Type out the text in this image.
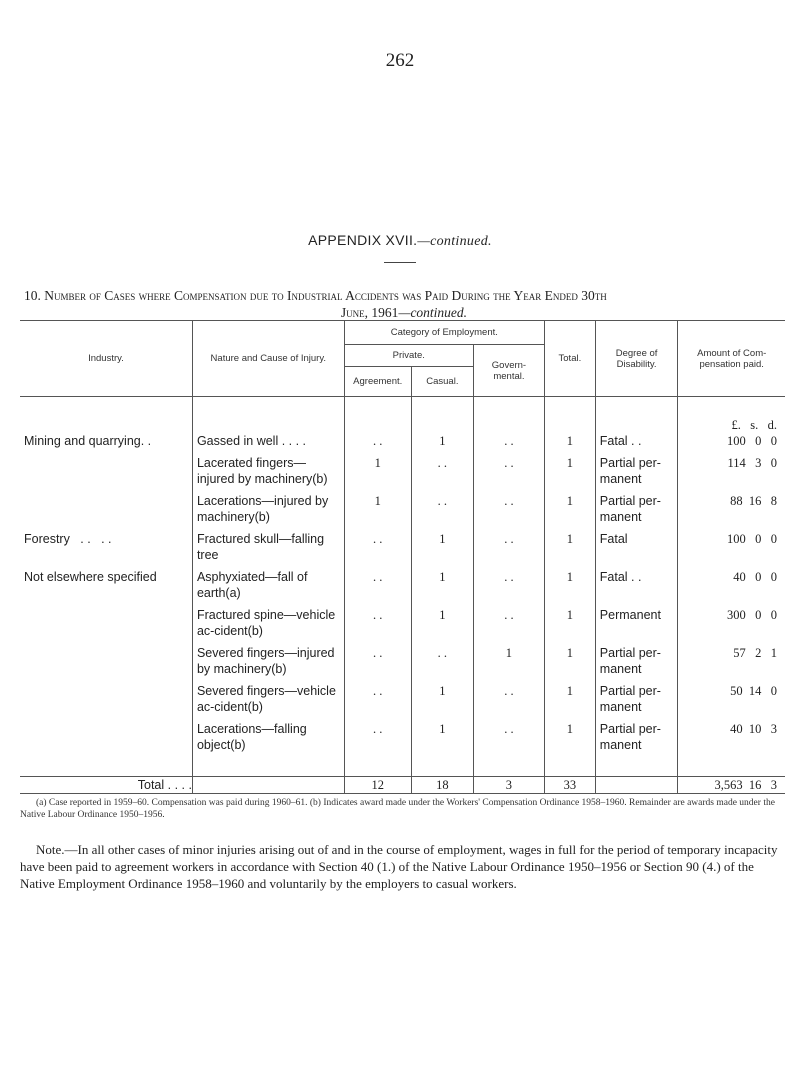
262
APPENDIX XVII.—continued.
10. Number of Cases where Compensation due to Industrial Accidents was Paid During the Year Ended 30th
June, 1961—continued.
Industry.	Nature and Cause of Injury.	Category of Employment.			Total.	Degree of Disability.	Amount of Com-pensation paid.
		Private.		Govern-mental.			
		Agreement.	Casual.				
							£.   s.   d.
Mining and quarrying. .	Gassed in well . . . .	. .	1	. .	1	Fatal . .	100   0   0
	Lacerated fingers—injured by machinery(b)	1	. .	. .	1	Partial per-manent	114   3   0
	Lacerations—injured by machinery(b)	1	. .	. .	1	Partial per-manent	88  16   8
Forestry   . .   . .	Fractured skull—falling tree	. .	1	. .	1	Fatal	100   0   0
Not elsewhere specified	Asphyxiated—fall of earth(a)	. .	1	. .	1	Fatal . .	40   0   0
	Fractured spine—vehicle ac-cident(b)	. .	1	. .	1	Permanent	300   0   0
	Severed fingers—injured by machinery(b)	. .	. .	1	1	Partial per-manent	57   2   1
	Severed fingers—vehicle ac-cident(b)	. .	1	. .	1	Partial per-manent	50  14   0
	Lacerations—falling object(b)	. .	1	. .	1	Partial per-manent	40  10   3

Total . . . .		12	18	3	33		3,563  16   3
(a) Case reported in 1959–60. Compensation was paid during 1960–61. (b) Indicates award made under the Workers' Compensation Ordinance 1958–1960. Remainder are awards made under the Native Labour Ordinance 1950–1956.
Note.—In all other cases of minor injuries arising out of and in the course of employment, wages in full for the period of temporary incapacity have been paid to agreement workers in accordance with Section 40 (1.) of the Native Labour Ordinance 1950–1956 or Section 90 (4.) of the Native Employment Ordinance 1958–1960 and voluntarily by the employers to casual workers.
